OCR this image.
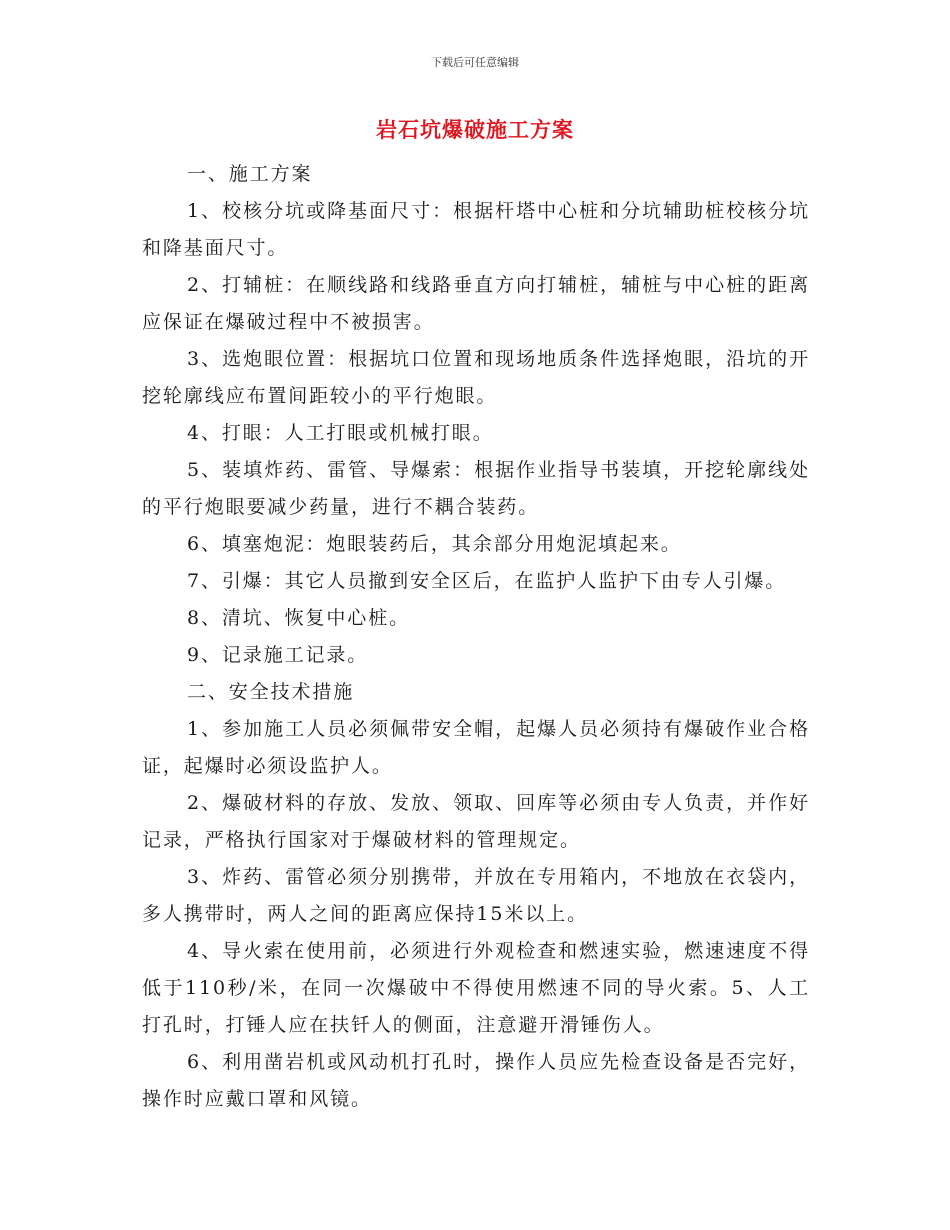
下载后可任意编辑
岩石坑爆破施工方案

一、施工方案

1、校核分坑或降基面尺寸：根据杆塔中心桩和分坑辅助桩校核分坑和降基面尺寸。

2、打辅桩：在顺线路和线路垂直方向打辅桩，辅桩与中心桩的距离应保证在爆破过程中不被损害。

3、选炮眼位置：根据坑口位置和现场地质条件选择炮眼，沿坑的开挖轮廓线应布置间距较小的平行炮眼。

4、打眼：人工打眼或机械打眼。

5、装填炸药、雷管、导爆索：根据作业指导书装填，开挖轮廓线处的平行炮眼要减少药量，进行不耦合装药。

6、填塞炮泥：炮眼装药后，其余部分用炮泥填起来。

7、引爆：其它人员撤到安全区后，在监护人监护下由专人引爆。

8、清坑、恢复中心桩。

9、记录施工记录。

二、安全技术措施

1、参加施工人员必须佩带安全帽，起爆人员必须持有爆破作业合格证，起爆时必须设监护人。

2、爆破材料的存放、发放、领取、回库等必须由专人负责，并作好记录，严格执行国家对于爆破材料的管理规定。

3、炸药、雷管必须分别携带，并放在专用箱内，不地放在衣袋内，多人携带时，两人之间的距离应保持15米以上。

4、导火索在使用前，必须进行外观检查和燃速实验，燃速速度不得低于110秒/米，在同一次爆破中不得使用燃速不同的导火索。5、人工打孔时，打锤人应在扶钎人的侧面，注意避开滑锤伤人。

6、利用凿岩机或风动机打孔时，操作人员应先检查设备是否完好，操作时应戴口罩和风镜。
